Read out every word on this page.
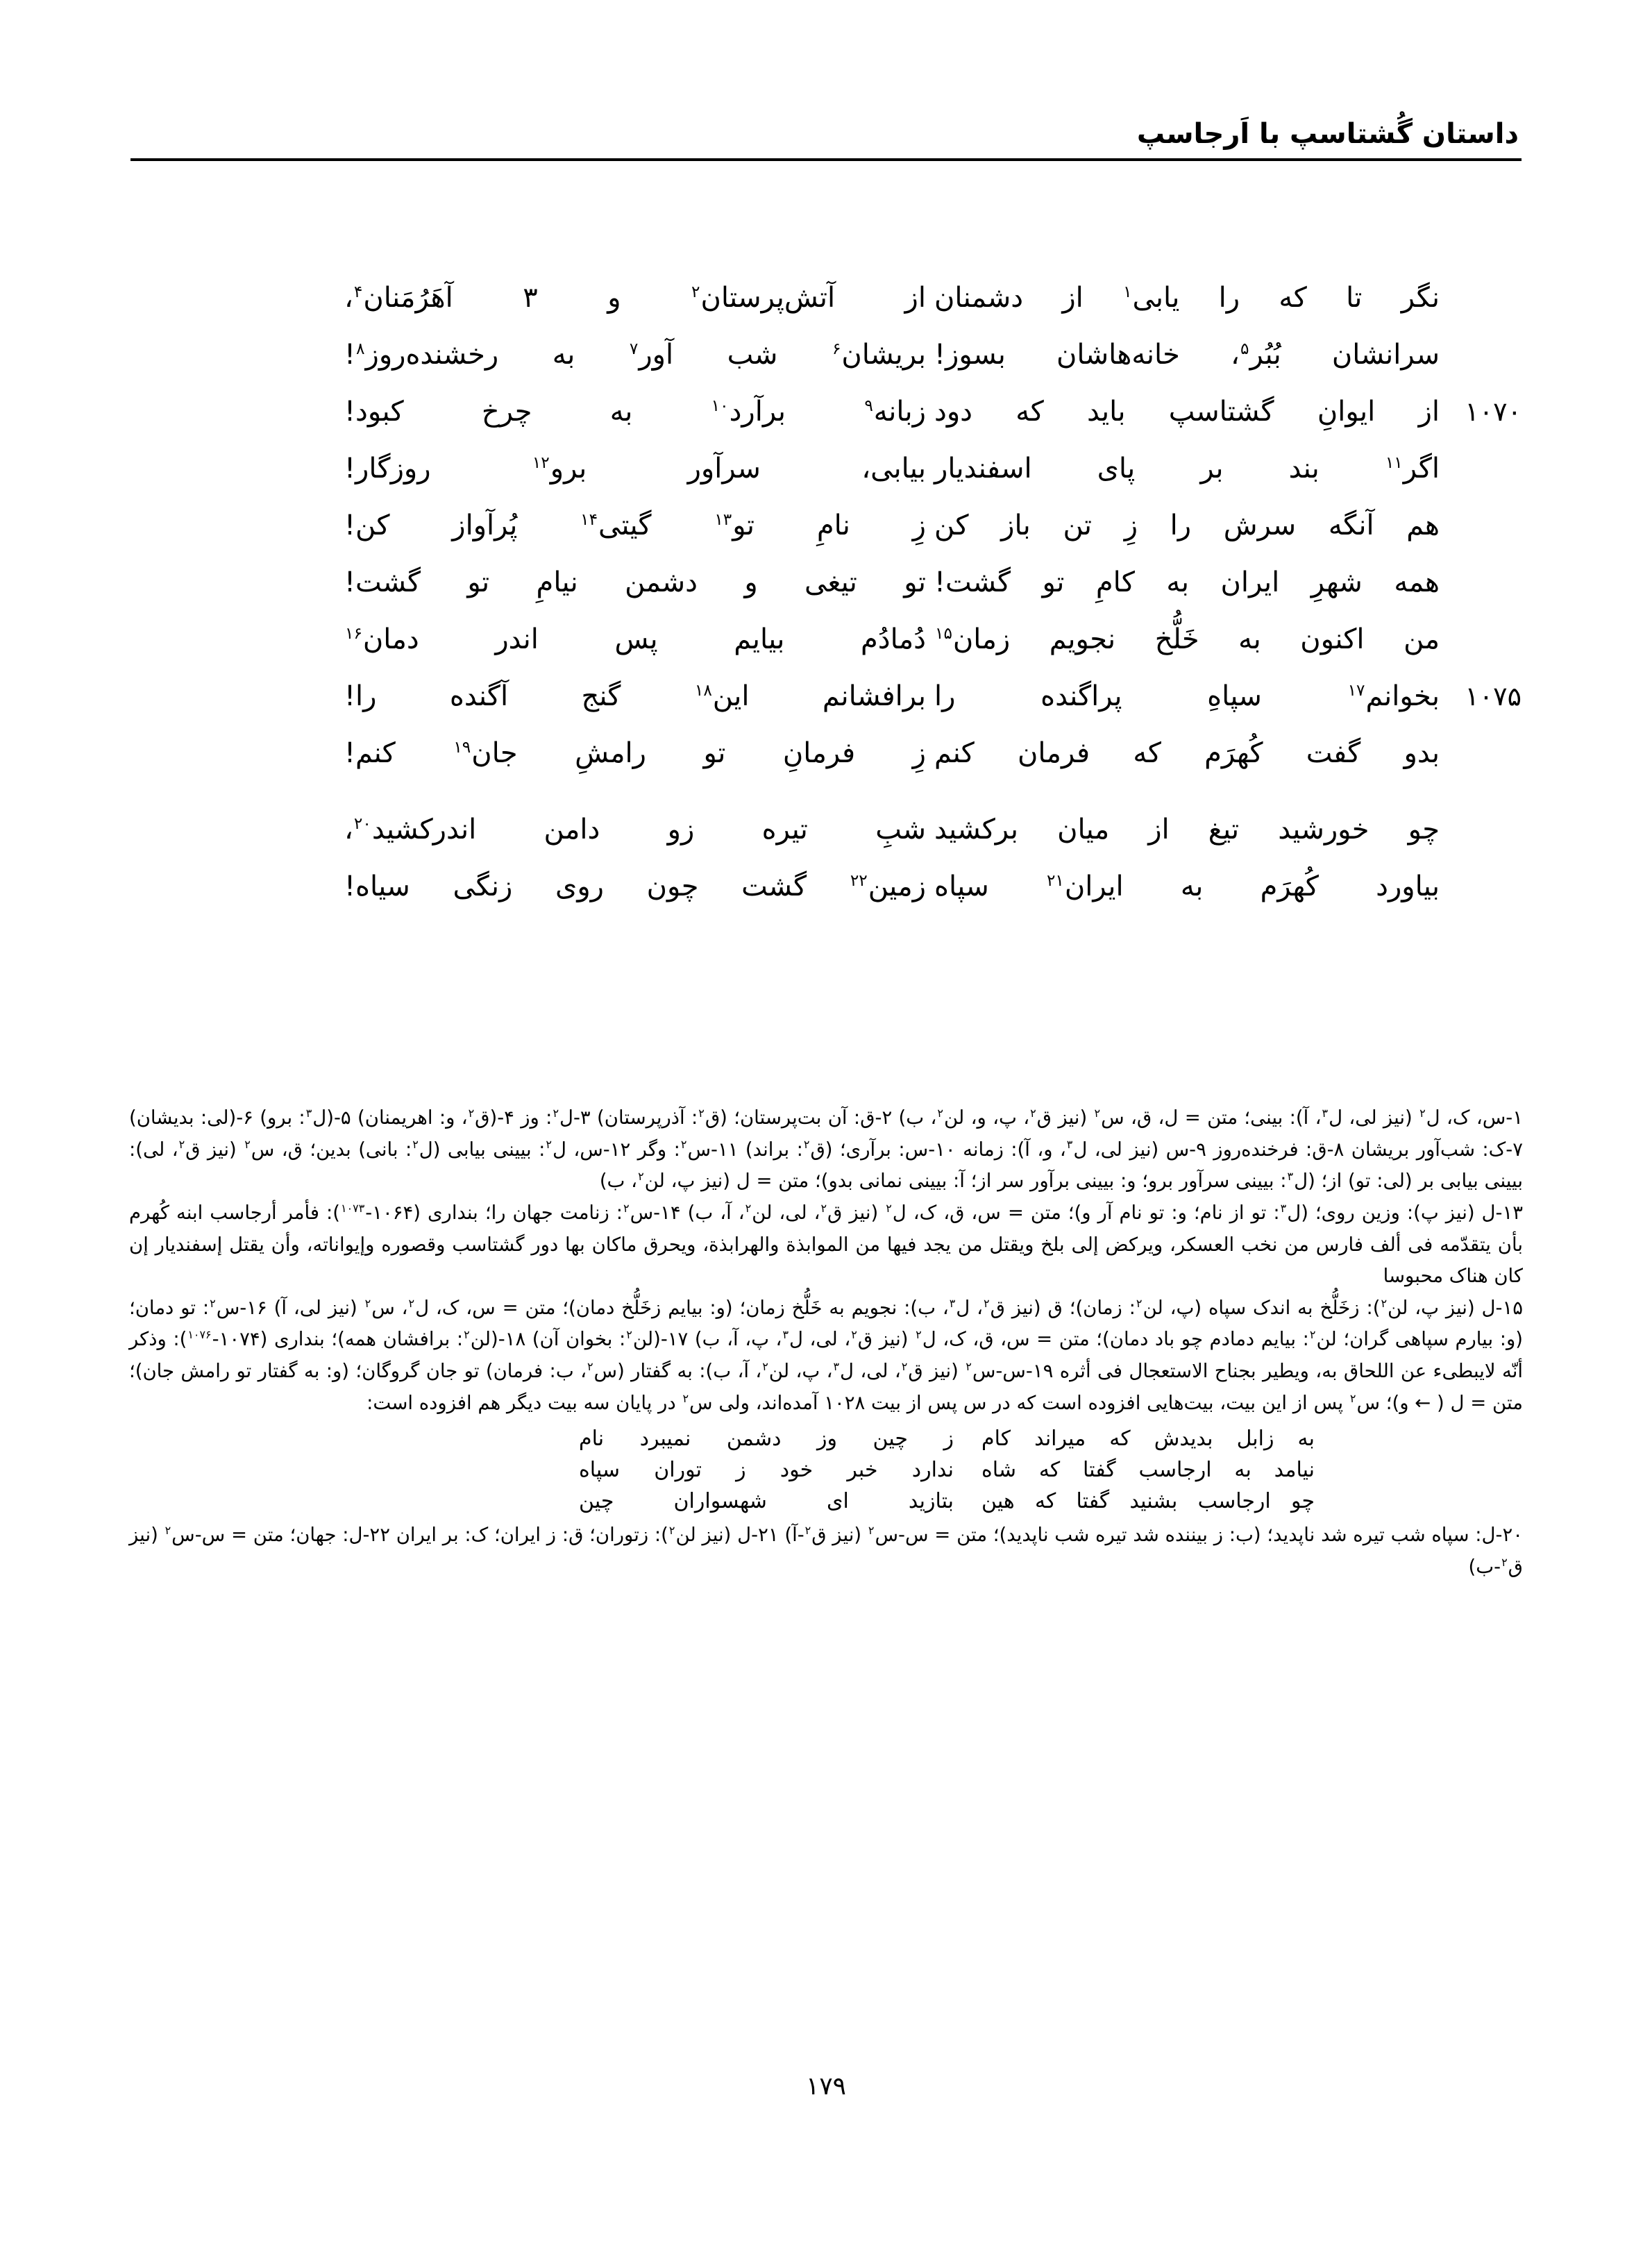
داستان گُشتاسپ با اَرجاسپ
نگر تا که را یابی$^۱$ از دشمنان
از آتش‌پرستان$^۲$ و ۳ آهَرُمَنان$^۴$،
سرانشان بُبُر$^۵$، خانه‌هاشان بسوز!
بریشان$^۶$ شب آور$^۷$ به رخشنده‌روز$^۸$!
۱۰۷۰
از ایوانِ گشتاسپ باید که دود
زبانه$^۹$ برآرد$^{۱۰}$ به چرخ کبود!
اگر$^{۱۱}$ بند بر پای اسفندیار
بیابی، سرآور برو$^{۱۲}$ روزگار!
هم آنگه سرش را زِ تن باز کن
زِ نامِ تو$^{۱۳}$ گیتی$^{۱۴}$ پُرآواز کن!
همه شهرِ ایران به کامِ تو گشت!
تو تیغی و دشمن نیامِ تو گشت!
من اکنون به خَلُّخ نجویم زمان$^{۱۵}$
دُمادُم بیایم پس اندر دمان$^{۱۶}$
۱۰۷۵
بخوانم$^{۱۷}$ سپاهِ پراگنده را
برافشانم این$^{۱۸}$ گنج آگنده را!
بدو گفت کُهرَم که فرمان کنم
زِ فرمانِ تو رامشِ جان$^{۱۹}$ کنم!
چو خورشید تیغ از میان برکشید
شبِ تیره زو دامن اندرکشید$^{۲۰}$،
بیاورد کُهرَم به ایران$^{۲۱}$ سپاه
زمین$^{۲۲}$ گشت چون روی زنگی سیاه!

۱-س، ک، ل$^۲$ (نیز لی، ل$^۳$، آ): بینی؛ متن = ل، ق، س$^۲$ (نیز ق$^۲$، پ، و، لن$^۲$، ب) ۲-ق: آن بت‌پرستان؛ (ق$^۲$: آذرپرستان) ۳-ل$^۲$: وز ۴-(ق$^۲$، و: اهریمنان) ۵-(ل$^۳$: برو) ۶-(لی: بدیشان) ۷-ک: شب‌آور بریشان ۸-ق: فرخنده‌روز ۹-س (نیز لی، ل$^۳$، و، آ): زمانه ۱۰-س: برآری؛ (ق$^۲$: براند) ۱۱-س$^۲$: وگر ۱۲-س، ل$^۲$: بیینی بیابی (ل$^۲$: بانی) بدین؛ ق، س$^۲$ (نیز ق$^۲$، لی): بیینی بیابی بر (لی: تو) از؛ (ل$^۳$: بیینی سرآور برو؛ و: بیینی برآور سر از؛ آ: بیینی نمانی بدو)؛ متن = ل (نیز پ، لن$^۲$، ب)

۱۳-ل (نیز پ): وزین روی؛ (ل$^۳$: تو از نام؛ و: تو نام آر و)؛ متن = س، ق، ک، ل$^۲$ (نیز ق$^۲$، لی، لن$^۲$، آ، ب) ۱۴-س$^۲$: زنامت جهان را؛ بنداری (۱۰۶۴-$^{۱۰۷۳}$): فأمر أرجاسب ابنه کُهرم بأن یتقدّمه فی ألف فارس من نخب العسکر، ویرکض إلی بلخ ویقتل من یجد فیها من الموابذة والهرابذة، ویحرق ماکان بها دور گشتاسب وقصوره وإیواناته، وأن یقتل إسفندیار إن کان هناک محبوسا

۱۵-ل (نیز پ، لن$^۲$): زخَلُّخ به اندک سپاه (پ، لن$^۲$: زمان)؛ ق (نیز ق$^۲$، ل$^۳$، ب): نجویم به خَلُّخ زمان؛ (و: بیایم زخَلُّخ دمان)؛ متن = س، ک، ل$^۲$، س$^۲$ (نیز لی، آ) ۱۶-س$^۲$: تو دمان؛ (و: بیارم سپاهی گران؛ لن$^۲$: بیایم دمادم چو باد دمان)؛ متن = س، ق، ک، ل$^۲$ (نیز ق$^۲$، لی، ل$^۳$، پ، آ، ب) ۱۷-(لن$^۲$: بخوان آن) ۱۸-(لن$^۲$: برافشان همه)؛ بنداری (۱۰۷۴-$^{۱۰۷۶}$): وذکر أنّه لایبطیء عن اللحاق به، ویطیر بجناح الاستعجال فی أثره ۱۹-س-س$^۲$ (نیز ق$^۲$، لی، ل$^۳$، پ، لن$^۲$، آ، ب): به گفتار (س$^۲$، ب: فرمان) تو جان گروگان؛ (و: به گفتار تو رامش جان)؛ متن = ل ( ← و)؛ س$^۲$ پس از این بیت، بیت‌هایی افزوده است که در س پس از بیت ۱۰۲۸ آمده‌اند، ولی س$^۲$ در پایان سه بیت دیگر هم افزوده است:

به زابل بدیدش که میراند کام
ز چین وز دشمن نمیبرد نام
نیامد به ارجاسب گفتا که شاه
ندارد خبر خود ز توران سپاه
چو ارجاسب بشنید گفتا که هین
بتازید ای شهسواران چین

۲۰-ل: سپاه شب تیره شد ناپدید؛ (ب: ز بیننده شد تیره شب ناپدید)؛ متن = س-س$^۲$ (نیز ق$^۲$-آ) ۲۱-ل (نیز لن$^۲$): زتوران؛ ق: ز ایران؛ ک: بر ایران ۲۲-ل: جهان؛ متن = س-س$^۲$ (نیز ق$^۲$-ب)

۱۷۹
